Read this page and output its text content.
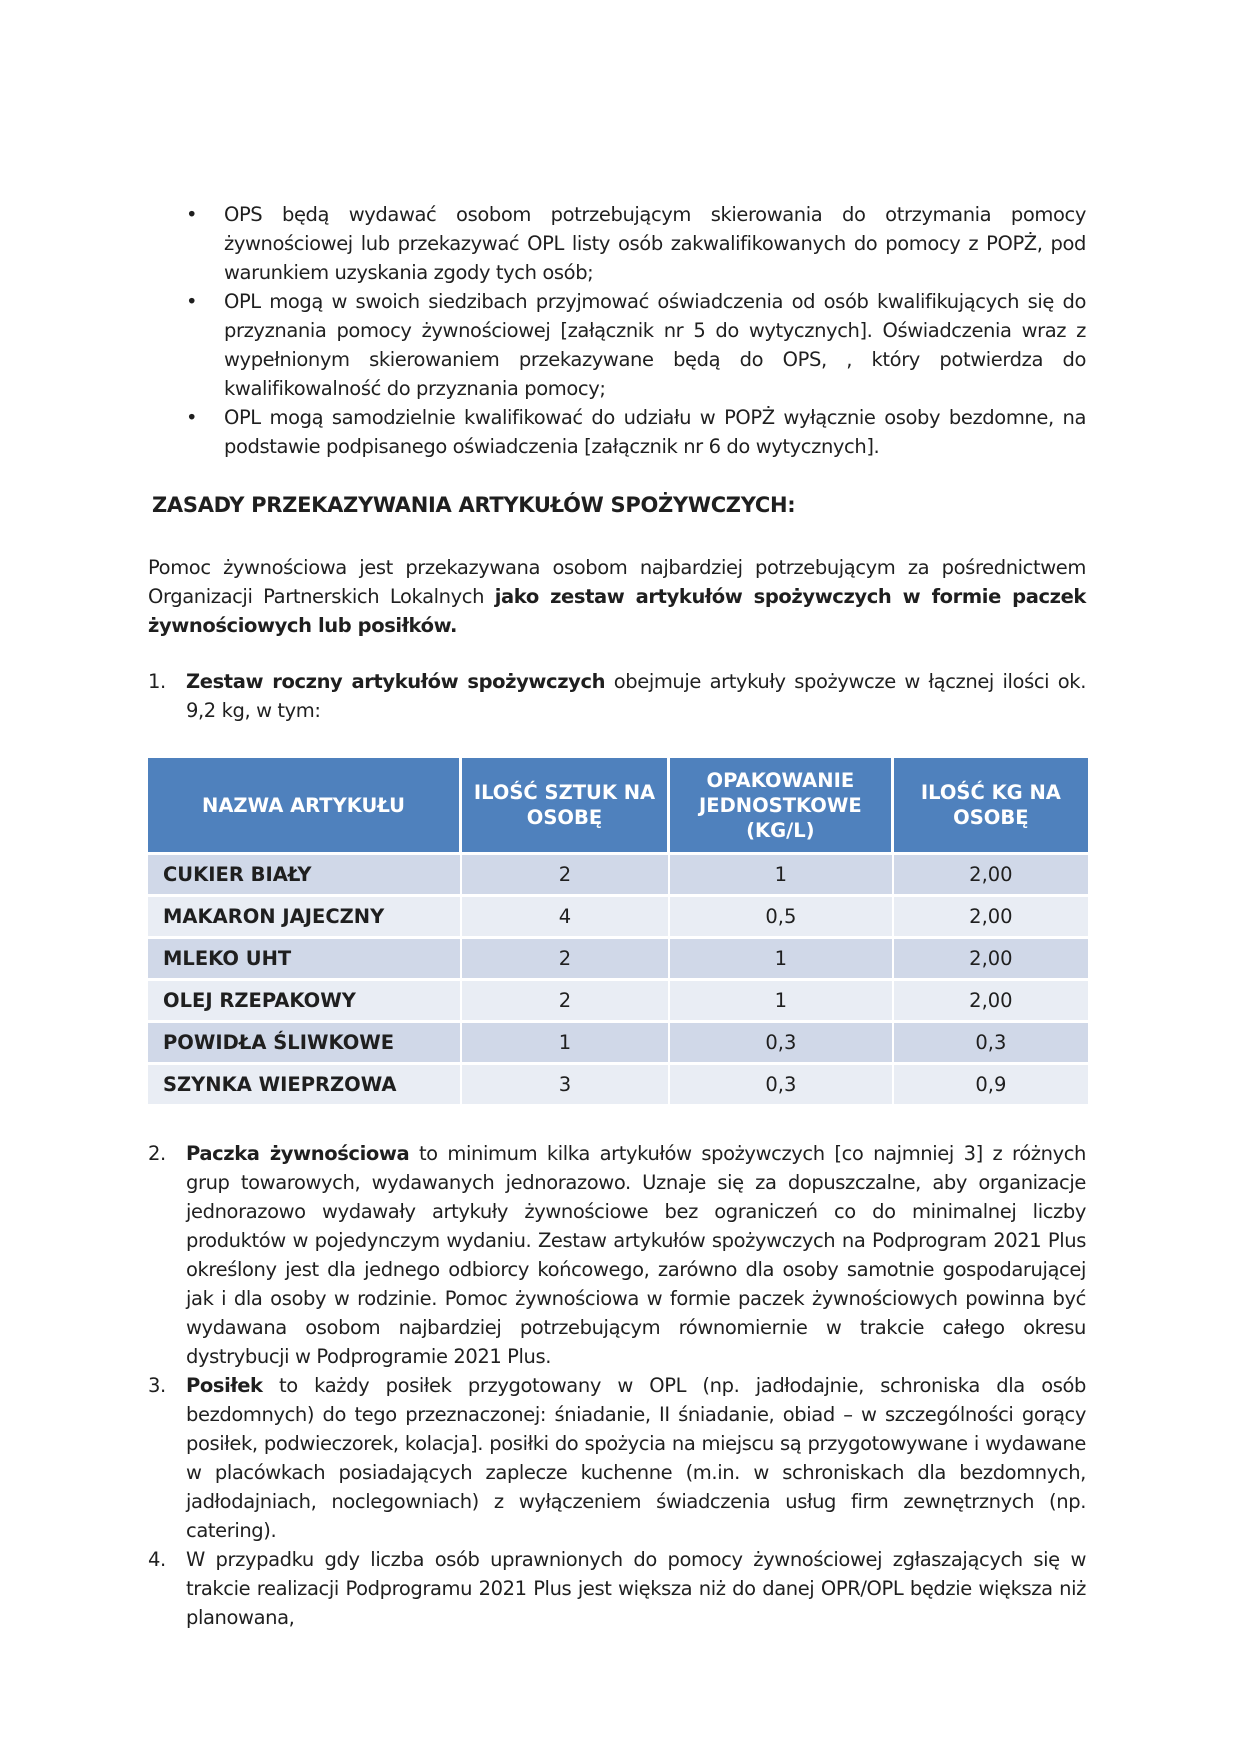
•	OPS będą wydawać osobom potrzebującym skierowania do otrzymania pomocy żywnościowej lub przekazywać OPL listy osób zakwalifikowanych do pomocy z POPŻ, pod warunkiem uzyskania zgody tych osób;
•	OPL mogą w swoich siedzibach przyjmować oświadczenia od osób kwalifikujących się do przyznania pomocy żywnościowej [załącznik nr 5 do wytycznych]. Oświadczenia wraz z wypełnionym skierowaniem przekazywane będą do OPS, , który potwierdza do kwalifikowalność do przyznania pomocy;
•	OPL mogą samodzielnie kwalifikować do udziału w POPŻ wyłącznie osoby bezdomne, na podstawie podpisanego oświadczenia [załącznik nr 6 do wytycznych].
ZASADY PRZEKAZYWANIA ARTYKUŁÓW SPOŻYWCZYCH:

Pomoc żywnościowa jest przekazywana osobom najbardziej potrzebującym za pośrednictwem Organizacji Partnerskich Lokalnych jako zestaw artykułów spożywczych w formie paczek żywnościowych lub posiłków.

1.	Zestaw roczny artykułów spożywczych obejmuje artykuły spożywcze w łącznej ilości ok. 9,2 kg, w tym:
NAZWA ARTYKUŁU	ILOŚĆ SZTUK NA OSOBĘ	OPAKOWANIE JEDNOSTKOWE (KG/L)	ILOŚĆ KG NA OSOBĘ
CUKIER BIAŁY	2	1	2,00
MAKARON JAJECZNY	4	0,5	2,00
MLEKO UHT	2	1	2,00
OLEJ RZEPAKOWY	2	1	2,00
POWIDŁA ŚLIWKOWE	1	0,3	0,3
SZYNKA WIEPRZOWA	3	0,3	0,9
2.	Paczka żywnościowa to minimum kilka artykułów spożywczych [co najmniej 3] z różnych grup towarowych, wydawanych jednorazowo. Uznaje się za dopuszczalne, aby organizacje jednorazowo wydawały artykuły żywnościowe bez ograniczeń co do minimalnej liczby produktów w pojedynczym wydaniu. Zestaw artykułów spożywczych na Podprogram 2021 Plus określony jest dla jednego odbiorcy końcowego, zarówno dla osoby samotnie gospodarującej jak i dla osoby w rodzinie. Pomoc żywnościowa w formie paczek żywnościowych powinna być wydawana osobom najbardziej potrzebującym równomiernie w trakcie całego okresu dystrybucji w Podprogramie 2021 Plus.
3.	Posiłek to każdy posiłek przygotowany w OPL (np. jadłodajnie, schroniska dla osób bezdomnych) do tego przeznaczonej: śniadanie, II śniadanie, obiad – w szczególności gorący posiłek, podwieczorek, kolacja]. posiłki do spożycia na miejscu są przygotowywane i wydawane w placówkach posiadających zaplecze kuchenne (m.in. w schroniskach dla bezdomnych, jadłodajniach, noclegowniach) z wyłączeniem świadczenia usług firm zewnętrznych (np. catering).
4.	W przypadku gdy liczba osób uprawnionych do pomocy żywnościowej zgłaszających się w trakcie realizacji Podprogramu 2021 Plus jest większa niż do danej OPR/OPL będzie większa niż planowana,
